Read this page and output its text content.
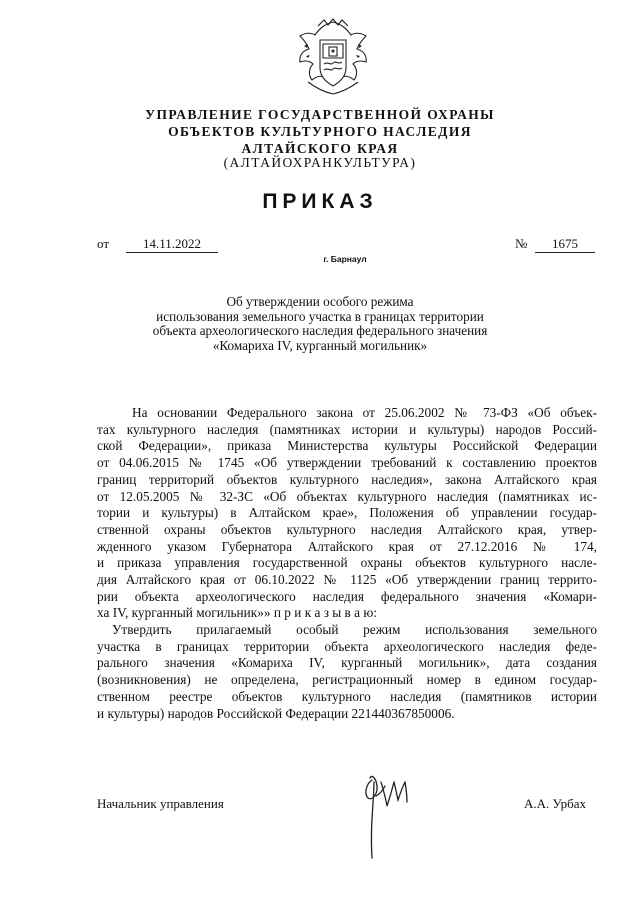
УПРАВЛЕНИЕ ГОСУДАРСТВЕННОЙ ОХРАНЫ
ОБЪЕКТОВ КУЛЬТУРНОГО НАСЛЕДИЯ
АЛТАЙСКОГО КРАЯ
(АЛТАЙОХРАНКУЛЬТУРА)
ПРИКАЗ
от	14.11.2022	№	1675
г. Барнаул
Об утверждении особого режима
использования земельного участка в границах территории
объекта археологического наследия федерального значения
«Комариха IV, курганный могильник»
На основании Федерального закона от 25.06.2002 № 73-ФЗ «Об объек-
тах культурного наследия (памятниках истории и культуры) народов Россий-
ской Федерации», приказа Министерства культуры Российской Федерации
от 04.06.2015 № 1745 «Об утверждении требований к составлению проектов
границ территорий объектов культурного наследия», закона Алтайского края
от 12.05.2005 № 32-ЗС «Об объектах культурного наследия (памятниках ис-
тории и культуры) в Алтайском крае», Положения об управлении государ-
ственной охраны объектов культурного наследия Алтайского края, утвер-
жденного указом Губернатора Алтайского края от 27.12.2016 № 174,
и приказа управления государственной охраны объектов культурного насле-
дия Алтайского края от 06.10.2022 № 1125 «Об утверждении границ террито-
рии объекта археологического наследия федерального значения «Комари-
ха IV, курганный могильник»» п р и к а з ы в а ю:
Утвердить прилагаемый особый режим использования земельного
участка в границах территории объекта археологического наследия феде-
рального значения «Комариха IV, курганный могильник», дата создания
(возникновения) не определена, регистрационный номер в едином государ-
ственном реестре объектов культурного наследия (памятников истории
и культуры) народов Российской Федерации 221440367850006.
Начальник управления	А.А. Урбах
